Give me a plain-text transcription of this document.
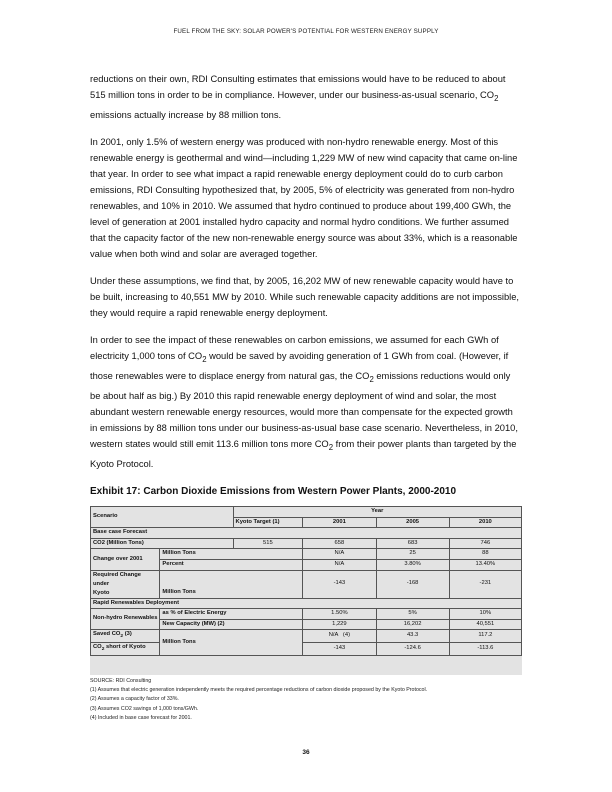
FUEL FROM THE SKY: SOLAR POWER'S POTENTIAL FOR WESTERN ENERGY SUPPLY

reductions on their own, RDI Consulting estimates that emissions would have to be reduced to about 515 million tons in order to be in compliance. However, under our business-as-usual scenario, $CO_2$ emissions actually increase by 88 million tons.

In 2001, only 1.5% of western energy was produced with non-hydro renewable energy. Most of this renewable energy is geothermal and wind—including 1,229 MW of new wind capacity that came on-line that year. In order to see what impact a rapid renewable energy deployment could do to curb carbon emissions, RDI Consulting hypothesized that, by 2005, 5% of electricity was generated from non-hydro renewables, and 10% in 2010. We assumed that hydro continued to produce about 199,400 GWh, the level of generation at 2001 installed hydro capacity and normal hydro conditions. We further assumed that the capacity factor of the new non-renewable energy source was about 33%, which is a reasonable value when both wind and solar are averaged together.

Under these assumptions, we find that, by 2005, 16,202 MW of new renewable capacity would have to be built, increasing to 40,551 MW by 2010. While such renewable capacity additions are not impossible, they would require a rapid renewable energy deployment.

In order to see the impact of these renewables on carbon emissions, we assumed for each GWh of electricity 1,000 tons of $CO_2$ would be saved by avoiding generation of 1 GWh from coal. (However, if those renewables were to displace energy from natural gas, the $CO_2$ emissions reductions would only be about half as big.) By 2010 this rapid renewable energy deployment of wind and solar, the most abundant western renewable energy resources, would more than compensate for the expected growth in emissions by 88 million tons under our business-as-usual base case scenario. Nevertheless, in 2010, western states would still emit 113.6 million tons more $CO_2$ from their power plants than targeted by the Kyoto Protocol.

Exhibit 17: Carbon Dioxide Emissions from Western Power Plants, 2000-2010
Scenario		Year			
		Kyoto Target (1)	2001	2005	2010
Base case Forecast					
CO2 (Million Tons)		515	658	683	746
Change over 2001	Million Tons		N/A	25	88
	Percent		N/A	3.80%	13.40%
Required Change under
Kyoto	Million Tons		-143	-168	-231
Rapid Renewables Deployment					
Non-hydro Renewables	as % of Electric Energy		1.50%	5%	10%
	New Capacity (MW) (2)		1,229	16,202	40,551
Saved $CO_2$ (3)	Million Tons		N/A   (4)	43.3	117.2
$CO_2$ short of Kyoto			-143	-124.6	-113.6
SOURCE: RDI Consulting
(1) Assumes that electric generation independently meets the required percentage reductions of carbon dioxide proposed by the Kyoto Protocol.
(2) Assumes a capacity factor of 33%.
(3) Assumes CO2 savings of 1,000 tons/GWh.
(4) Included in base case forecast for 2001.
36
